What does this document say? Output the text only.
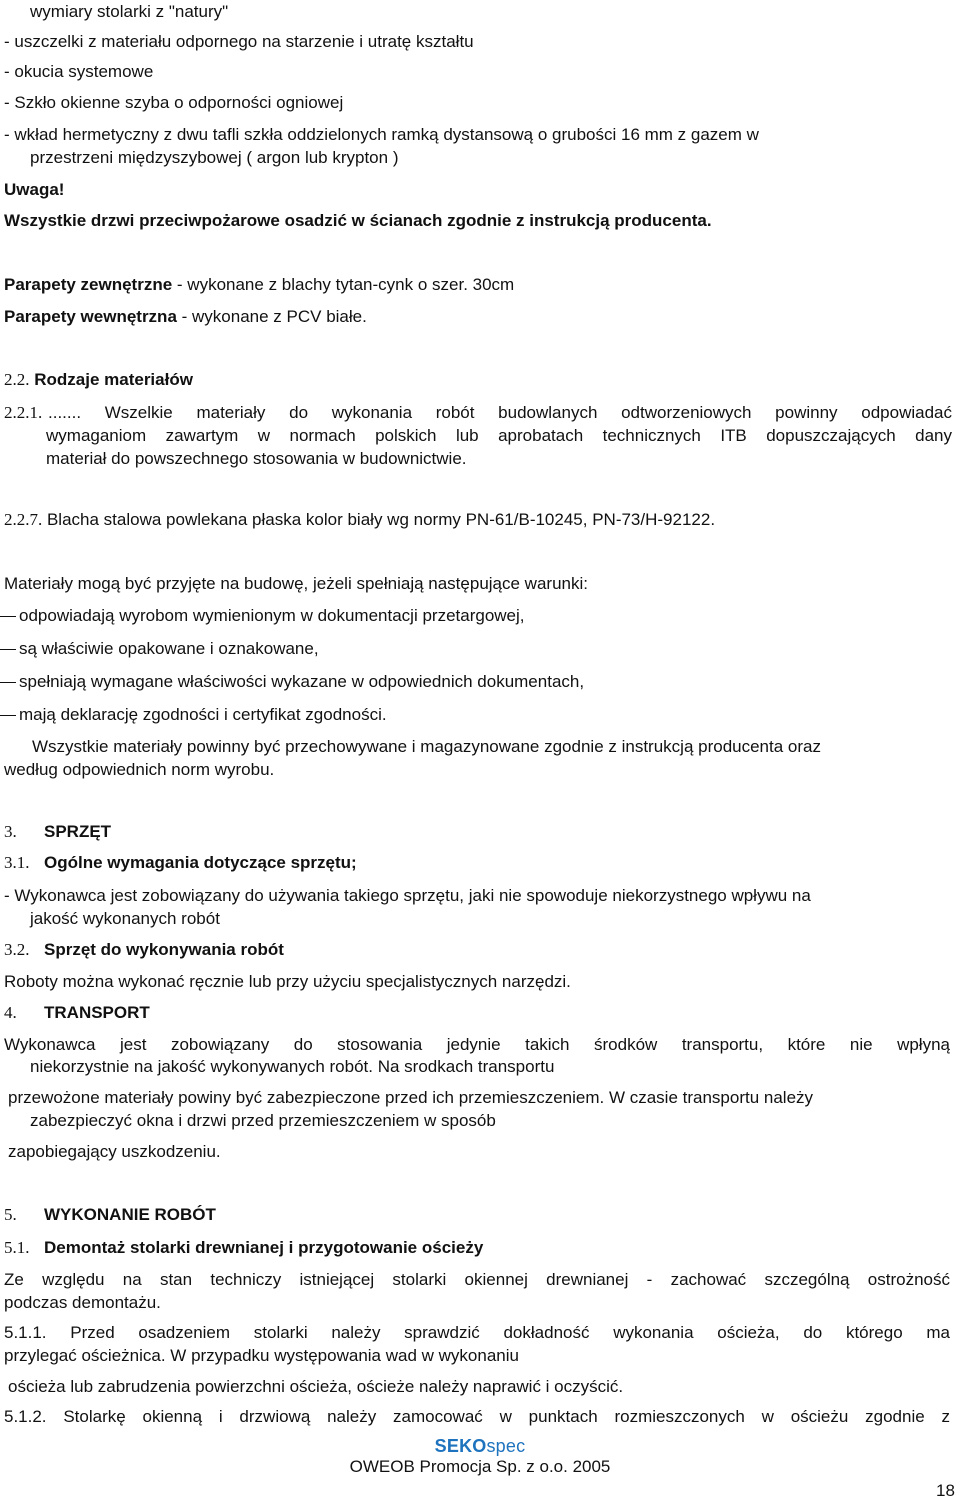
wymiary stolarki z "natury"
- uszczelki z materiału odpornego na starzenie i utratę kształtu
- okucia systemowe
- Szkło okienne szyba o odporności ogniowej
- wkład hermetyczny z dwu tafli szkła oddzielonych ramką dystansową o grubości 16 mm z gazem w
przestrzeni międzyszybowej ( argon lub krypton )
Uwaga!
Wszystkie drzwi przeciwpożarowe osadzić w ścianach zgodnie z instrukcją producenta.
Parapety zewnętrzne - wykonane z blachy tytan-cynk o szer. 30cm
Parapety wewnętrzna - wykonane z PCV białe.
2.2. Rodzaje materiałów
2.2.1. ....... Wszelkie materiały do wykonania robót budowlanych odtworzeniowych powinny odpowiadać
wymaganiom zawartym w normach polskich lub aprobatach technicznych ITB dopuszczających dany
materiał do powszechnego stosowania w budownictwie.
2.2.7. Blacha stalowa powlekana płaska kolor biały wg normy PN-61/B-10245, PN-73/H-92122.
Materiały mogą być przyjęte na budowę, jeżeli spełniają następujące warunki:
odpowiadają wyrobom wymienionym w dokumentacji przetargowej,
są właściwie opakowane i oznakowane,
spełniają wymagane właściwości wykazane w odpowiednich dokumentach,
mają deklarację zgodności i certyfikat zgodności.
Wszystkie materiały powinny być przechowywane i magazynowane zgodnie z instrukcją producenta oraz
według odpowiednich norm wyrobu.
3. SPRZĘT
3.1. Ogólne wymagania dotyczące sprzętu;
- Wykonawca jest zobowiązany do używania takiego sprzętu, jaki nie spowoduje niekorzystnego wpływu na
jakość wykonanych robót
3.2. Sprzęt do wykonywania robót
Roboty można wykonać ręcznie lub przy użyciu specjalistycznych narzędzi.
4. TRANSPORT
Wykonawca jest zobowiązany do stosowania jedynie takich środków transportu, które nie wpłyną
niekorzystnie na jakość wykonywanych robót. Na srodkach transportu
przewożone materiały powiny być zabezpieczone przed ich przemieszczeniem. W czasie transportu należy
zabezpieczyć okna i drzwi przed przemieszczeniem w sposób
zapobiegający uszkodzeniu.
5. WYKONANIE ROBÓT
5.1. Demontaż stolarki drewnianej i przygotowanie ościeży
Ze względu na stan techniczy istniejącej stolarki okiennej drewnianej - zachować szczególną ostrożność
podczas demontażu.
5.1.1. Przed osadzeniem stolarki należy sprawdzić dokładność wykonania ościeża, do którego ma
przylegać ościeżnica. W przypadku występowania wad w wykonaniu
ościeża lub zabrudzenia powierzchni ościeża, ościeże należy naprawić i oczyścić.
5.1.2. Stolarkę okienną i drzwiową należy zamocować w punktach rozmieszczonych w ościeżu zgodnie z
SEKOspec
OWEOB Promocja Sp. z o.o. 2005
18
